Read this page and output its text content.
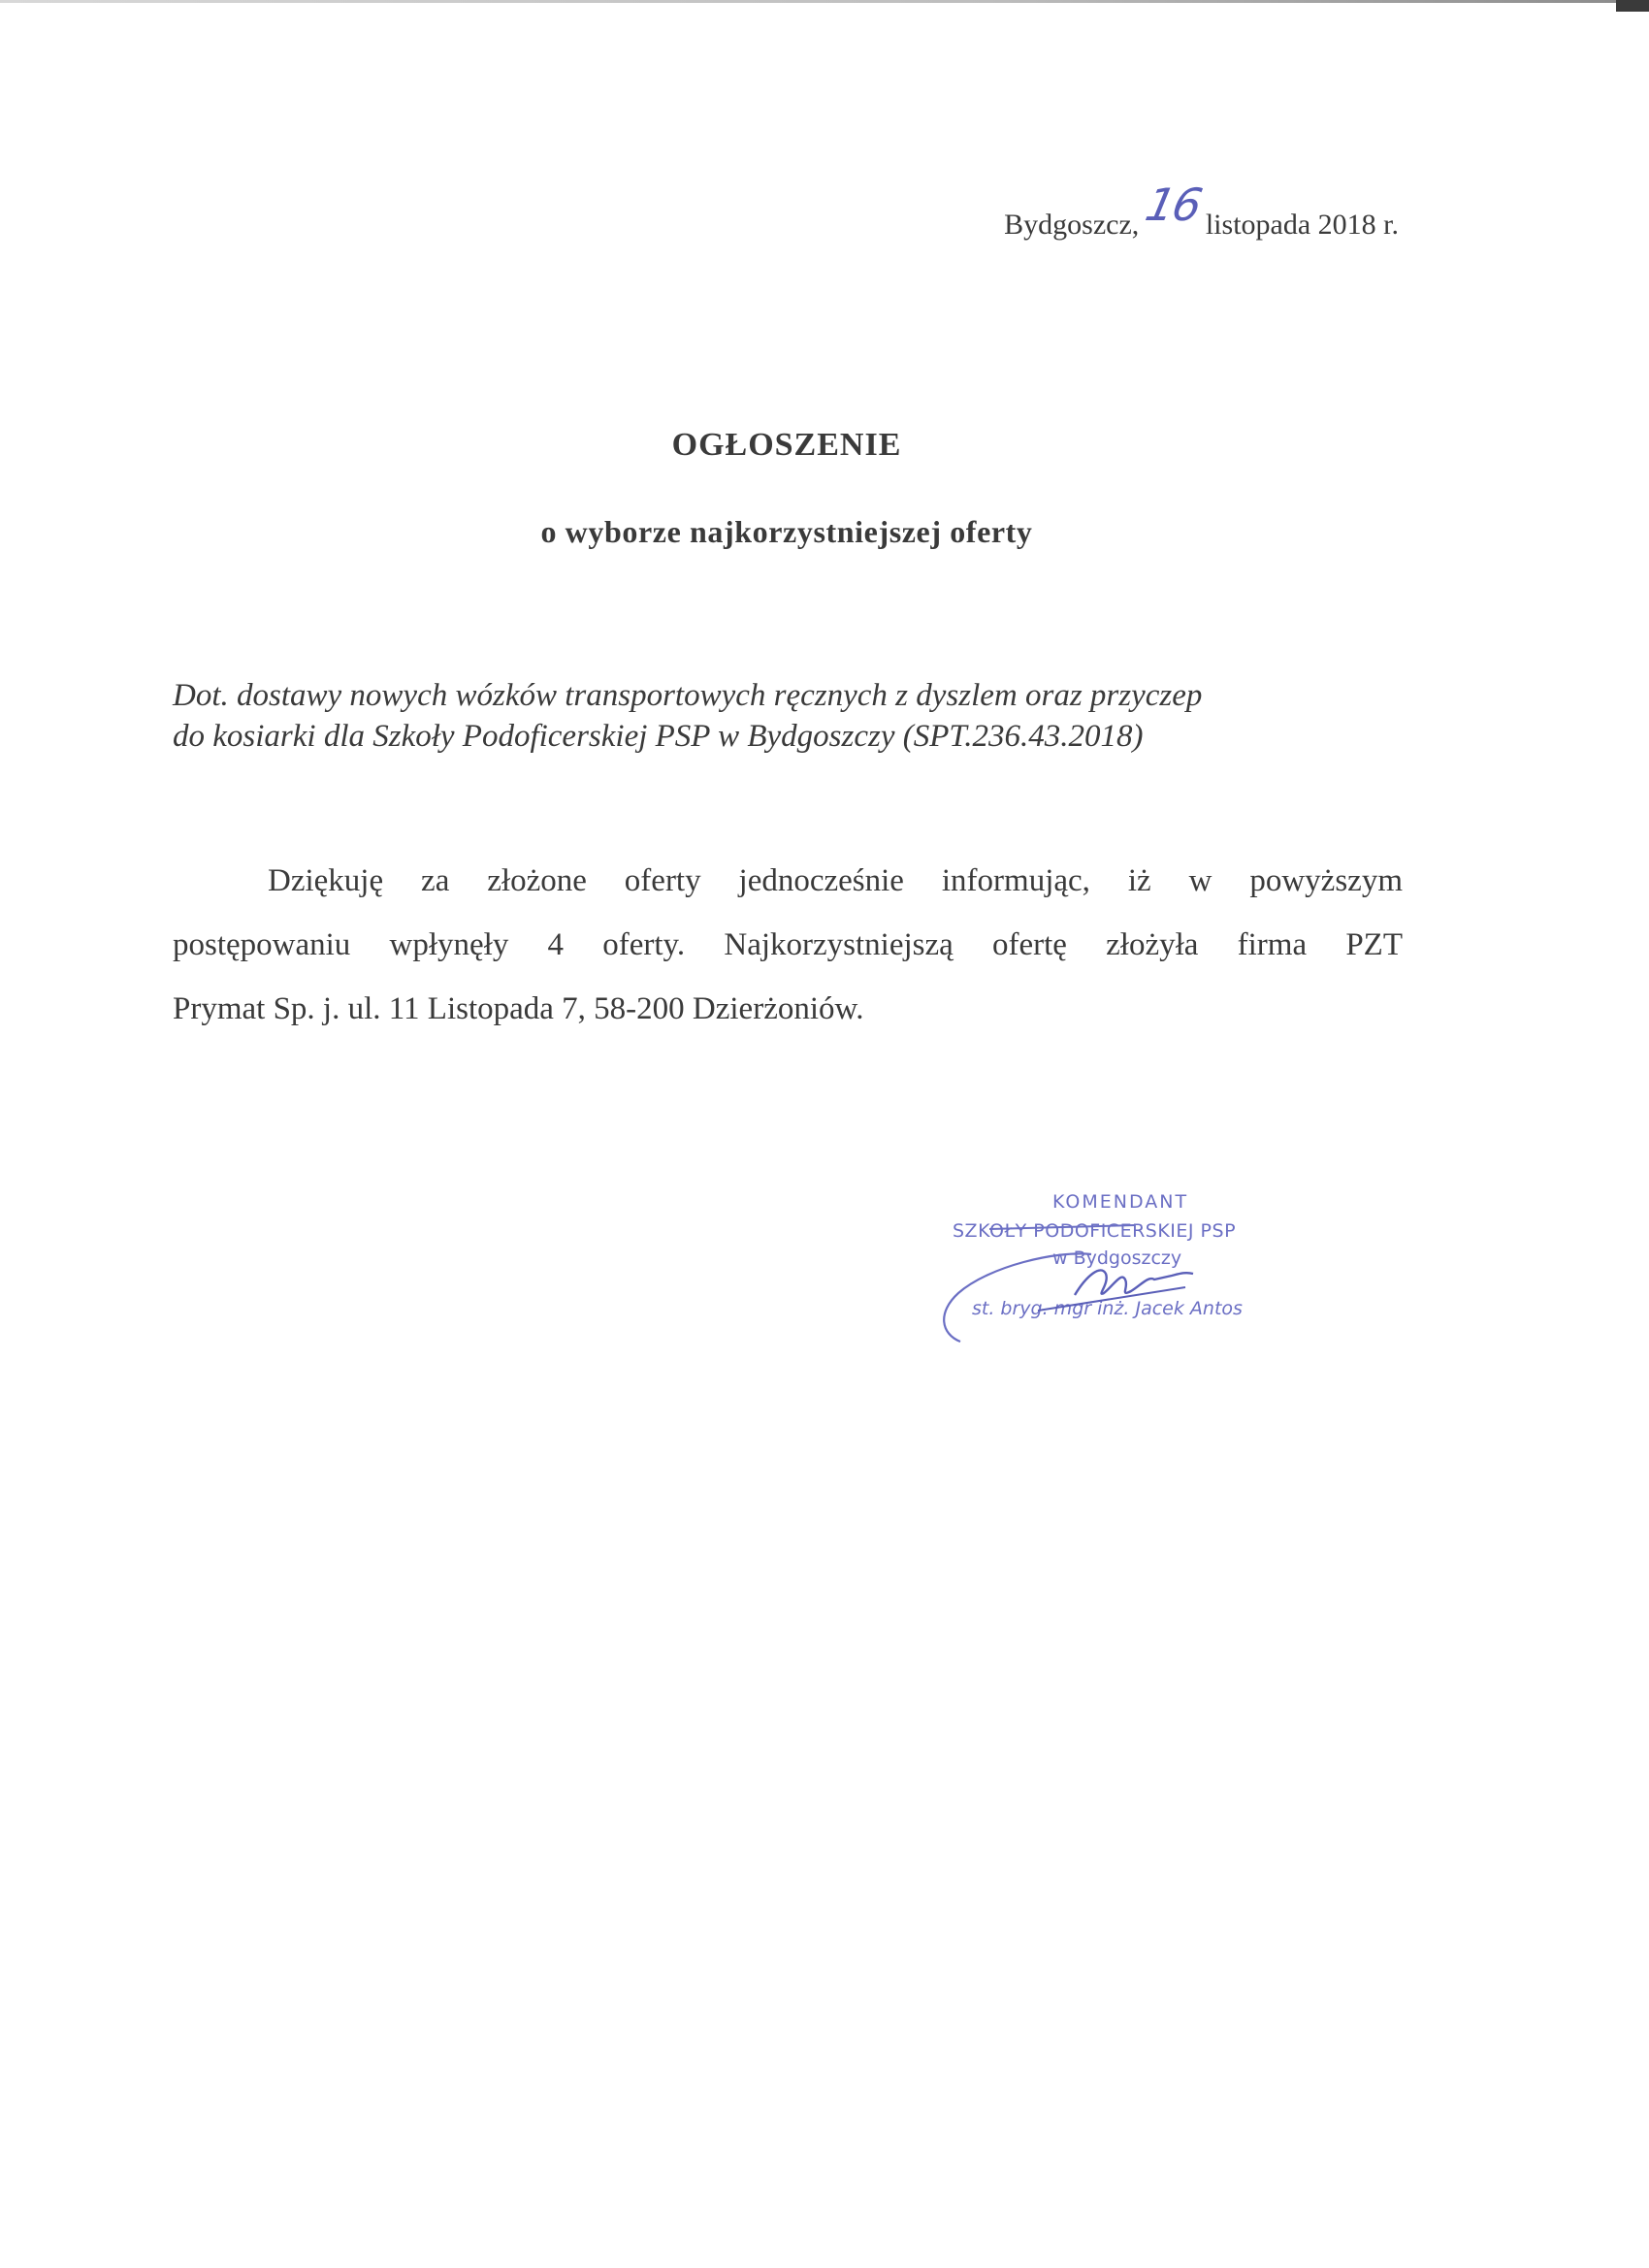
Bydgoszcz, 16 listopada 2018 r.
OGŁOSZENIE
o wyborze najkorzystniejszej oferty
Dot. dostawy nowych wózków transportowych ręcznych z dyszlem oraz przyczep
do kosiarki dla Szkoły Podoficerskiej PSP w Bydgoszczy (SPT.236.43.2018)
Dziękuję za złożone oferty jednocześnie informując, iż w powyższym
postępowaniu wpłynęły 4 oferty. Najkorzystniejszą ofertę złożyła firma PZT
Prymat Sp. j. ul. 11 Listopada 7, 58-200 Dzierżoniów.
KOMENDANT
SZKOŁY PODOFICERSKIEJ PSP
w Bydgoszczy
st. bryg. mgr inż. Jacek Antos
